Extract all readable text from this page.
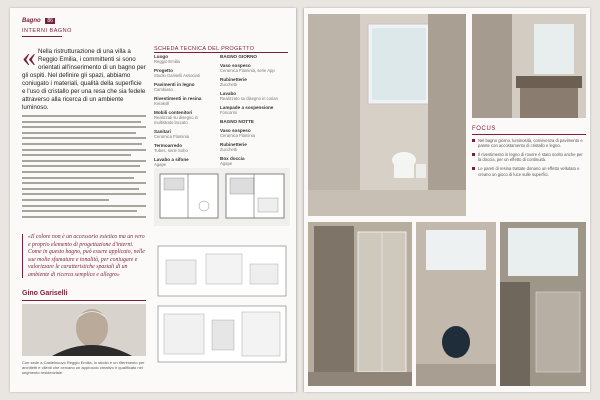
Bagno 86
INTERNI BAGNO
« Nella ristrutturazione di una villa a Reggio Emilia, i committenti si sono orientati all'inserimento di un bagno per gli ospiti. Nel definire gli spazi, abbiamo coniugato i materiali, qualità della superficie e l'uso di cristallo per una resa che sia fedele attraverso alla ricerca di un ambiente luminoso.
SCHEDA TECNICA DEL PROGETTO
Luogo
Reggio Emilia
Progetto
Studio Gariselli Associati
Pavimenti in legno
Cambiaso
Rivestimenti in resina
Kerakoll
Mobili contenitori
Realizzati su disegno in multistrato laccato
Sanitari
Ceramica Flaminia
Termoarredo
Tubes, serie Soho
Lavabo a sifone
Agape
BAGNO GIORNO
Vaso sospeso
Ceramica Flaminia, serie App
Rubinetterie
Zucchetti
Lavabo
Realizzato su disegno in corian
Lampade a sospensione
Foscarini
BAGNO NOTTE
Vaso sospeso
Ceramica Flaminia
Rubinetterie
Zucchetti
Box doccia
Agape
«Il colore non è un accessorio estetico ma un vero e proprio elemento di progettazione d'interni. Come in questo bagno, può essere applicato, nelle sue molte sfumature e tonalità, per coniugare e valorizzare le caratteristiche spaziali di un ambiente di ricerca semplice e allegro»
Gino Gariselli
Con sede a Castelnuovo Reggio Emilia, lo studio è un riferimento per architetti e clienti che cercano un approccio creativo e qualificato nel segmento residenziale.
FOCUS
Nel bagno giorno, luminosità, convivenza di pavimento e parete con accostamento di cristallo e legno.
Il rivestimento in legno di rovere è stato scelto anche per la doccia, per un effetto di continuità.
Le pareti di resina trattate donano un effetto vellutato e creano un gioco di luce sulle superfici.
